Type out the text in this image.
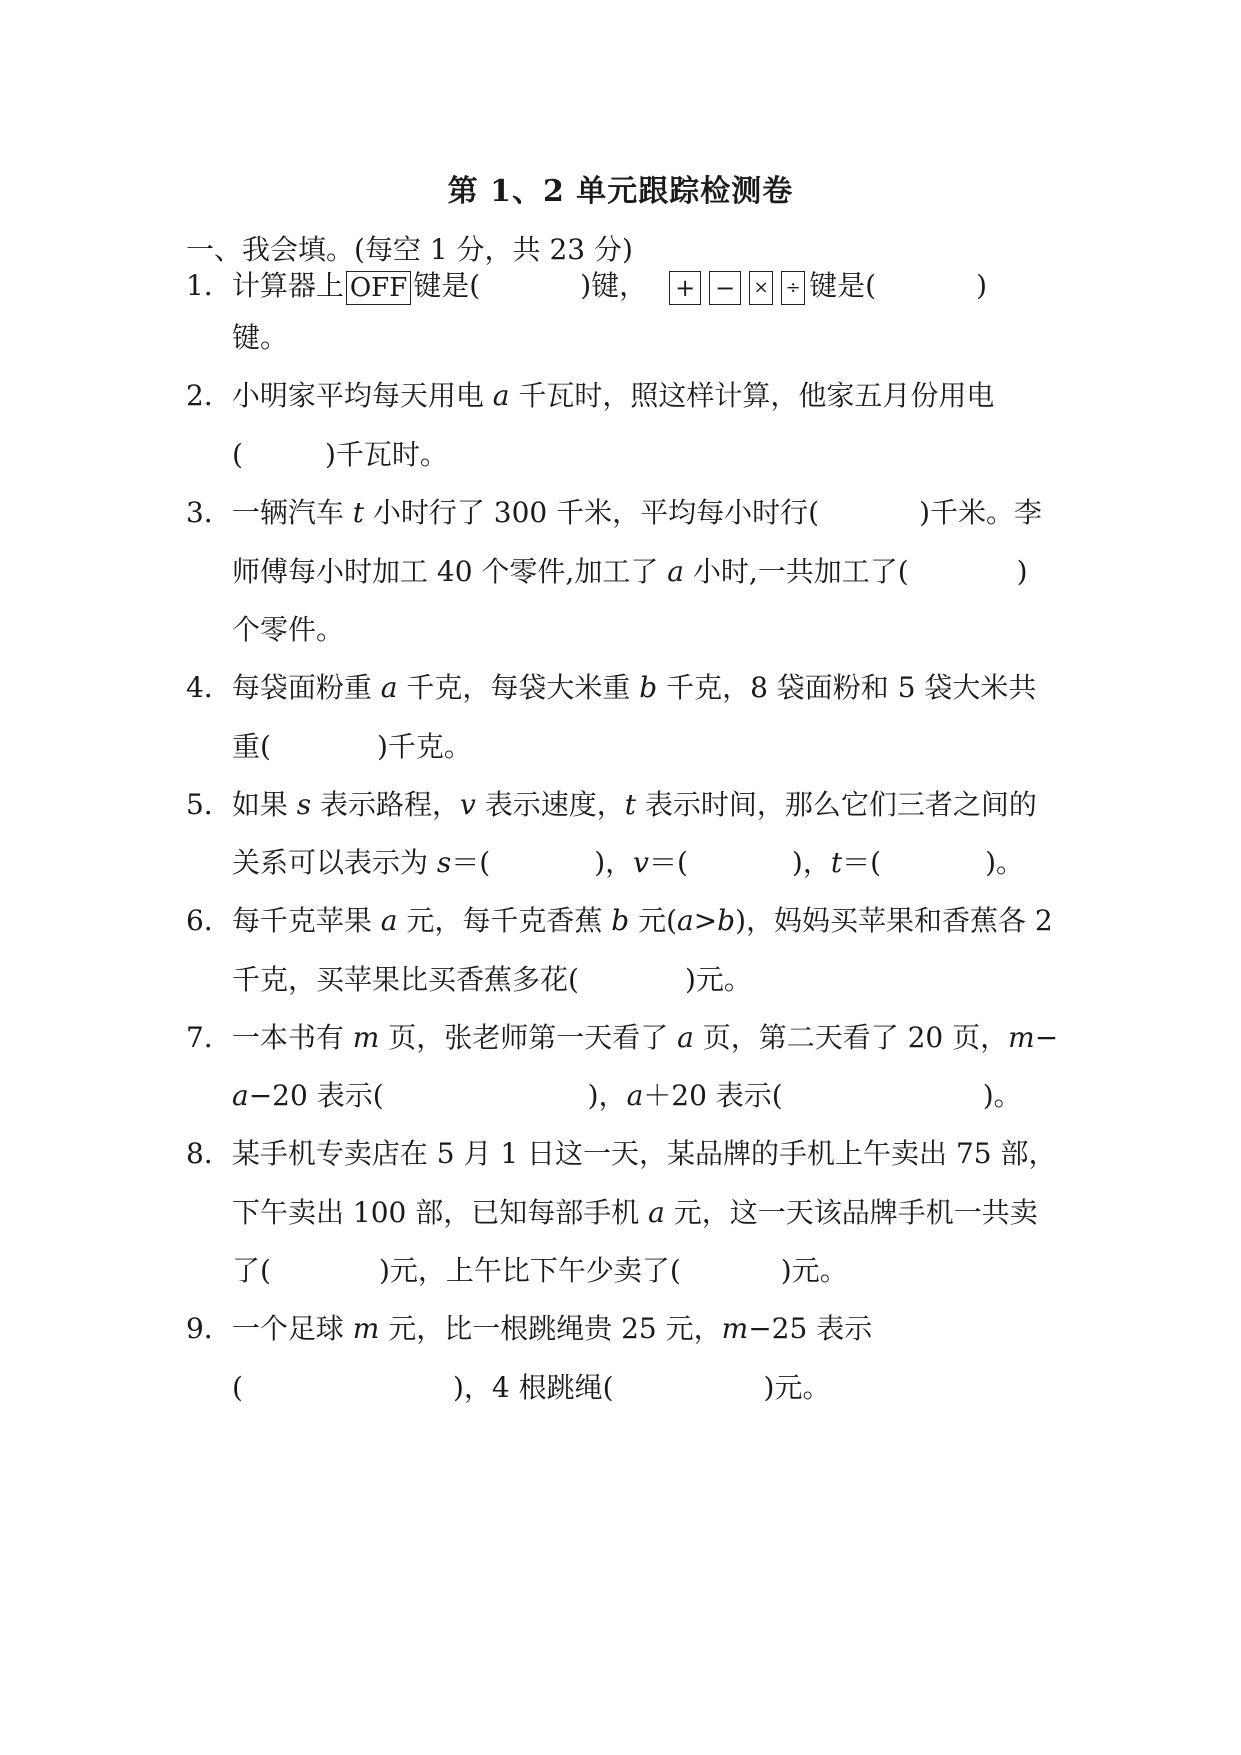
第 1、2 单元跟踪检测卷
一、我会填。(每空 1 分，共 23 分)
1．计算器上 OFF 键是(	)键， + − × ÷ 键是(	)
键。
2．小明家平均每天用电 a 千瓦时，照这样计算，他家五月份用电
(	)千瓦时。
3．一辆汽车 t 小时行了 300 千米，平均每小时行(	)千米。李
师傅每小时加工 40 个零件,加工了 a 小时,一共加工了(	)
个零件。
4．每袋面粉重 a 千克，每袋大米重 b 千克，8 袋面粉和 5 袋大米共
重(	)千克。
5．如果 s 表示路程，v 表示速度，t 表示时间，那么它们三者之间的
关系可以表示为 s＝(	)，v＝(	)，t＝(	)。
6．每千克苹果 a 元，每千克香蕉 b 元(a>b)，妈妈买苹果和香蕉各 2
千克，买苹果比买香蕉多花(	)元。
7．一本书有 m 页，张老师第一天看了 a 页，第二天看了 20 页，m−
a−20 表示(	)，a＋20 表示(	)。
8．某手机专卖店在 5 月 1 日这一天，某品牌的手机上午卖出 75 部，
下午卖出 100 部，已知每部手机 a 元，这一天该品牌手机一共卖
了(	)元，上午比下午少卖了(	)元。
9．一个足球 m 元，比一根跳绳贵 25 元，m−25 表示
(	)，4 根跳绳(	)元。
